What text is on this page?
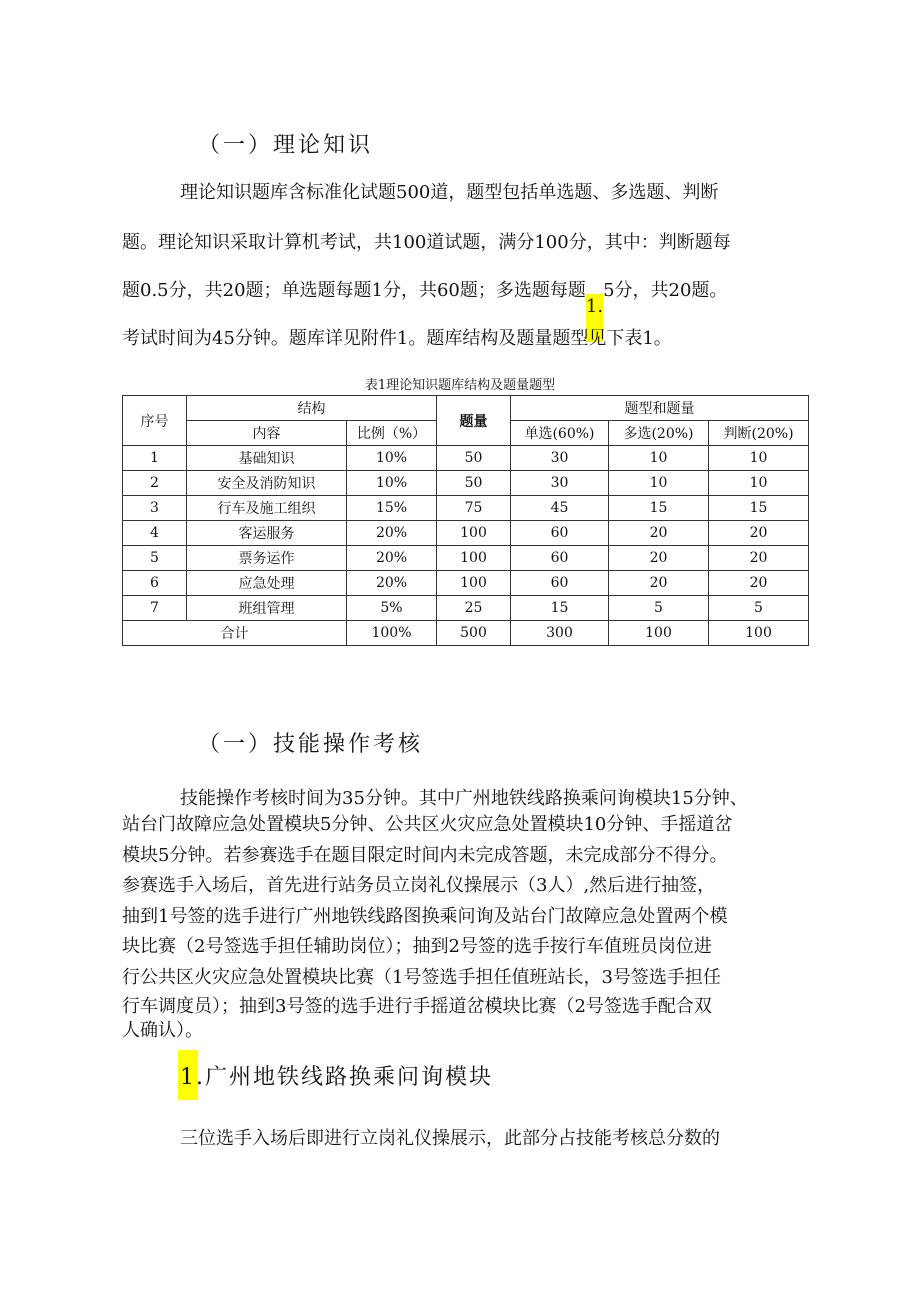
（一）理论知识
理论知识题库含标准化试题500道，题型包括单选题、多选题、判断
题。理论知识采取计算机考试，共100道试题，满分100分，其中：判断题每
题0.5分，共20题；单选题每题1分，共60题；多选题每题1.5分，共20题。
考试时间为45分钟。题库详见附件1。题库结构及题量题型见下表1。
表1理论知识题库结构及题量题型
序号	结构		题量	题型和题量		
	内容	比例（%）		单选(60%)	多选(20%)	判断(20%)
1	基础知识	10%	50	30	10	10
2	安全及消防知识	10%	50	30	10	10
3	行车及施工组织	15%	75	45	15	15
4	客运服务	20%	100	60	20	20
5	票务运作	20%	100	60	20	20
6	应急处理	20%	100	60	20	20
7	班组管理	5%	25	15	5	5
合计		100%	500	300	100	100
（一）技能操作考核
技能操作考核时间为35分钟。其中广州地铁线路换乘问询模块15分钟、
站台门故障应急处置模块5分钟、公共区火灾应急处置模块10分钟、手摇道岔
模块5分钟。若参赛选手在题目限定时间内未完成答题，未完成部分不得分。
参赛选手入场后，首先进行站务员立岗礼仪操展示（3人）,然后进行抽签，
抽到1号签的选手进行广州地铁线路图换乘问询及站台门故障应急处置两个模
块比赛（2号签选手担任辅助岗位）；抽到2号签的选手按行车值班员岗位进
行公共区火灾应急处置模块比赛（1号签选手担任值班站长，3号签选手担任
行车调度员）；抽到3号签的选手进行手摇道岔模块比赛（2号签选手配合双
人确认）。
1.广州地铁线路换乘问询模块
三位选手入场后即进行立岗礼仪操展示，此部分占技能考核总分数的
